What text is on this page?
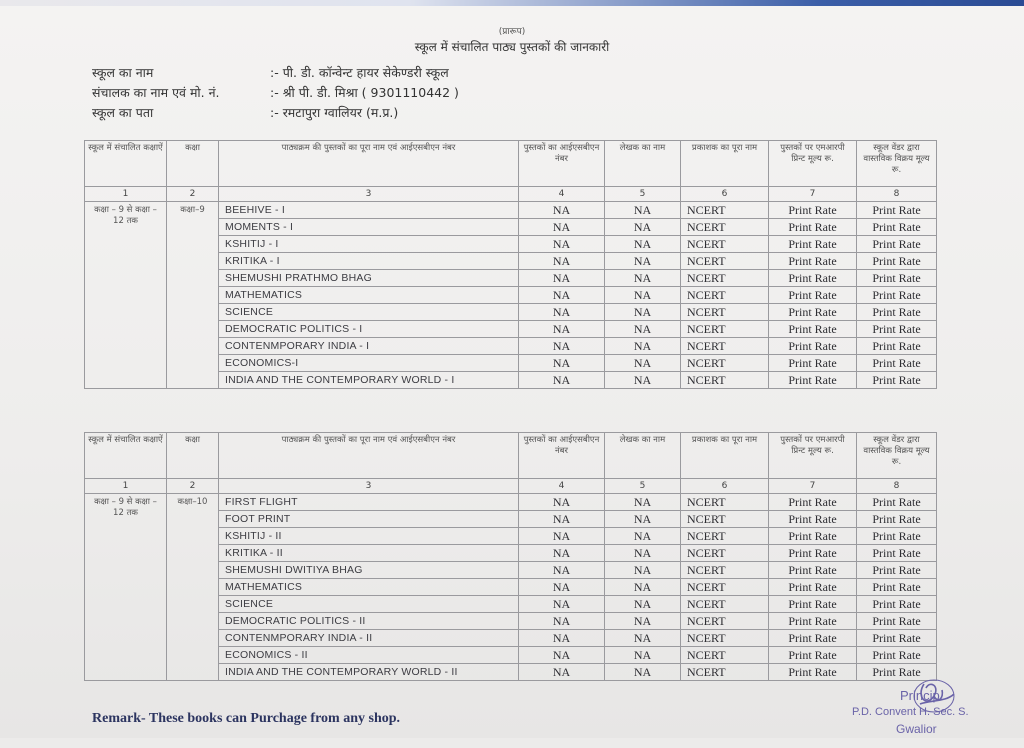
(प्रारूप)
स्कूल में संचालित पाठ्य पुस्तकों की जानकारी
स्कूल का नाम	:- पी. डी. कॉन्वेन्ट हायर सेकेण्डरी स्कूल
संचालक का नाम एवं मो. नं.	:- श्री पी. डी. मिश्रा ( 9301110442 )
स्कूल का पता	:- रमटापुरा ग्वालियर (म.प्र.)
स्कूल में संचालित कक्षाऐं	कक्षा	पाठ्यक्रम की पुस्तकों का पूरा नाम एवं आईएसबीएन नंबर	पुस्तकों का आईएसबीएन नंबर	लेखक का नाम	प्रकाशक का पूरा नाम	पुस्तकों पर एमआरपी प्रिन्ट मूल्य रू.	स्कूल वेंडर द्वारा वास्तविक विक्रय मूल्य रू.
1	2	3	4	5	6	7	8
कक्षा – 9 से कक्षा – 12 तक	कक्षा–9	BEEHIVE - I	NA	NA	NCERT	Print Rate	Print Rate
		MOMENTS - I	NA	NA	NCERT	Print Rate	Print Rate
		KSHITIJ - I	NA	NA	NCERT	Print Rate	Print Rate
		KRITIKA - I	NA	NA	NCERT	Print Rate	Print Rate
		SHEMUSHI PRATHMO BHAG	NA	NA	NCERT	Print Rate	Print Rate
		MATHEMATICS	NA	NA	NCERT	Print Rate	Print Rate
		SCIENCE	NA	NA	NCERT	Print Rate	Print Rate
		DEMOCRATIC POLITICS - I	NA	NA	NCERT	Print Rate	Print Rate
		CONTENMPORARY INDIA - I	NA	NA	NCERT	Print Rate	Print Rate
		ECONOMICS-I	NA	NA	NCERT	Print Rate	Print Rate
		INDIA AND THE CONTEMPORARY WORLD - I	NA	NA	NCERT	Print Rate	Print Rate
स्कूल में संचालित कक्षाऐं	कक्षा	पाठ्यक्रम की पुस्तकों का पूरा नाम एवं आईएसबीएन नंबर	पुस्तकों का आईएसबीएन नंबर	लेखक का नाम	प्रकाशक का पूरा नाम	पुस्तकों पर एमआरपी प्रिन्ट मूल्य रू.	स्कूल वेंडर द्वारा वास्तविक विक्रय मूल्य रू.
1	2	3	4	5	6	7	8
कक्षा – 9 से कक्षा – 12 तक	कक्षा–10	FIRST FLIGHT	NA	NA	NCERT	Print Rate	Print Rate
		FOOT PRINT	NA	NA	NCERT	Print Rate	Print Rate
		KSHITIJ - II	NA	NA	NCERT	Print Rate	Print Rate
		KRITIKA - II	NA	NA	NCERT	Print Rate	Print Rate
		SHEMUSHI DWITIYA BHAG	NA	NA	NCERT	Print Rate	Print Rate
		MATHEMATICS	NA	NA	NCERT	Print Rate	Print Rate
		SCIENCE	NA	NA	NCERT	Print Rate	Print Rate
		DEMOCRATIC POLITICS - II	NA	NA	NCERT	Print Rate	Print Rate
		CONTENMPORARY INDIA - II	NA	NA	NCERT	Print Rate	Print Rate
		ECONOMICS - II	NA	NA	NCERT	Print Rate	Print Rate
		INDIA AND THE CONTEMPORARY WORLD - II	NA	NA	NCERT	Print Rate	Print Rate
Remark- These books can Purchage from any shop.
Princip
P.D. Convent H. Sec. S.
Gwalior
